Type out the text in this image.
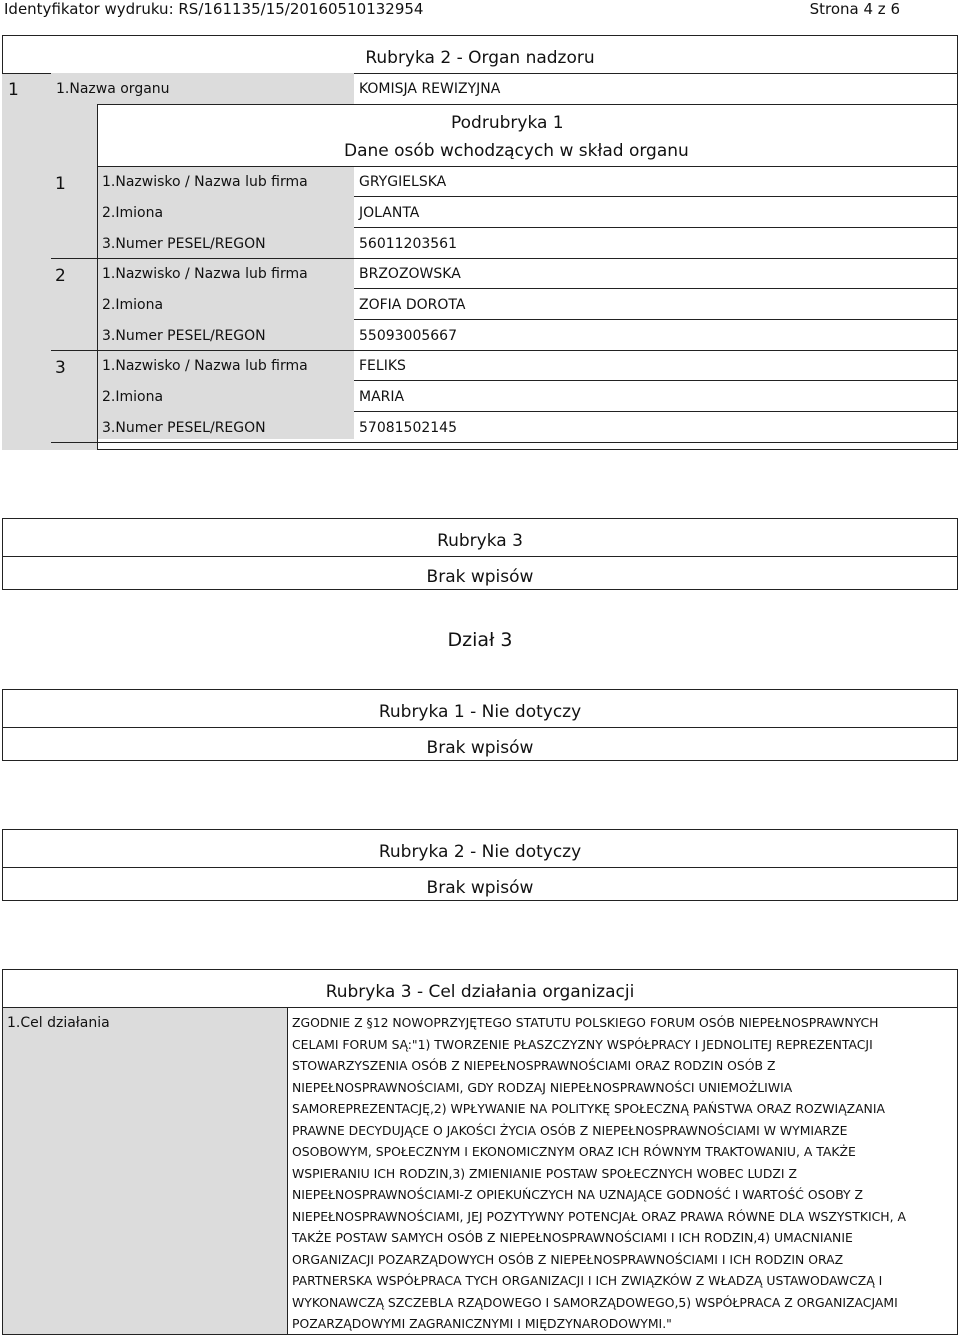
Identyfikator wydruku: RS/161135/15/20160510132954	Strona 4 z 6
Rubryka 2 - Organ nadzoru
1	1.Nazwa organu	KOMISJA REWIZYJNA
Podrubryka 1
Dane osób wchodzących w skład organu
1	1.Nazwisko / Nazwa lub firma	GRYGIELSKA
2.Imiona	JOLANTA
3.Numer PESEL/REGON	56011203561
2	1.Nazwisko / Nazwa lub firma	BRZOZOWSKA
2.Imiona	ZOFIA DOROTA
3.Numer PESEL/REGON	55093005667
3	1.Nazwisko / Nazwa lub firma	FELIKS
2.Imiona	MARIA
3.Numer PESEL/REGON	57081502145
Rubryka 3
Brak wpisów
Dział 3
Rubryka 1 - Nie dotyczy
Brak wpisów
Rubryka 2 - Nie dotyczy
Brak wpisów
Rubryka 3 - Cel działania organizacji
1.Cel działania	ZGODNIE Z §12 NOWOPRZYJĘTEGO STATUTU POLSKIEGO FORUM OSÓB NIEPEŁNOSPRAWNYCH
CELAMI FORUM SĄ:"1) TWORZENIE PŁASZCZYZNY WSPÓŁPRACY I JEDNOLITEJ REPREZENTACJI
STOWARZYSZENIA OSÓB Z NIEPEŁNOSPRAWNOŚCIAMI ORAZ RODZIN OSÓB Z
NIEPEŁNOSPRAWNOŚCIAMI, GDY RODZAJ NIEPEŁNOSPRAWNOŚCI UNIEMOŻLIWIA
SAMOREPREZENTACJĘ,2) WPŁYWANIE NA POLITYKĘ SPOŁECZNĄ PAŃSTWA ORAZ ROZWIĄZANIA
PRAWNE DECYDUJĄCE O JAKOŚCI ŻYCIA OSÓB Z NIEPEŁNOSPRAWNOŚCIAMI W WYMIARZE
OSOBOWYM, SPOŁECZNYM I EKONOMICZNYM ORAZ ICH RÓWNYM TRAKTOWANIU, A TAKŻE
WSPIERANIU ICH RODZIN,3) ZMIENIANIE POSTAW SPOŁECZNYCH WOBEC LUDZI Z
NIEPEŁNOSPRAWNOŚCIAMI-Z OPIEKUŃCZYCH NA UZNAJĄCE GODNOŚĆ I WARTOŚĆ OSOBY Z
NIEPEŁNOSPRAWNOŚCIAMI, JEJ POZYTYWNY POTENCJAŁ ORAZ PRAWA RÓWNE DLA WSZYSTKICH, A
TAKŻE POSTAW SAMYCH OSÓB Z NIEPEŁNOSPRAWNOŚCIAMI I ICH RODZIN,4) UMACNIANIE
ORGANIZACJI POZARZĄDOWYCH OSÓB Z NIEPEŁNOSPRAWNOŚCIAMI I ICH RODZIN ORAZ
PARTNERSKA WSPÓŁPRACA TYCH ORGANIZACJI I ICH ZWIĄZKÓW Z WŁADZĄ USTAWODAWCZĄ I
WYKONAWCZĄ SZCZEBLA RZĄDOWEGO I SAMORZĄDOWEGO,5) WSPÓŁPRACA Z ORGANIZACJAMI
POZARZĄDOWYMI ZAGRANICZNYMI I MIĘDZYNARODOWYMI."
